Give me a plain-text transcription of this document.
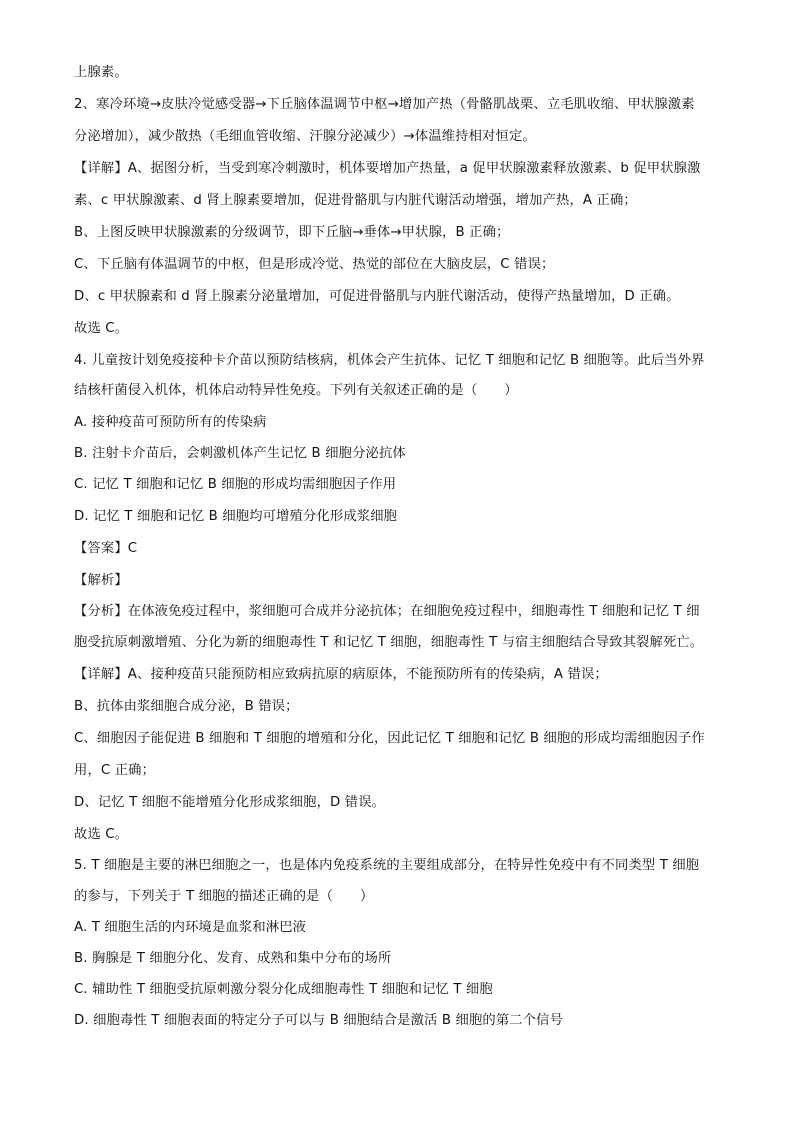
上腺素。
2、寒冷环境→皮肤冷觉感受器→下丘脑体温调节中枢→增加产热（骨骼肌战栗、立毛肌收缩、甲状腺激素
分泌增加），减少散热（毛细血管收缩、汗腺分泌减少）→体温维持相对恒定。
【详解】A、据图分析，当受到寒冷刺激时，机体要增加产热量，a 促甲状腺激素释放激素、b 促甲状腺激
素、c 甲状腺激素、d 肾上腺素要增加，促进骨骼肌与内脏代谢活动增强，增加产热，A 正确；
B、上图反映甲状腺激素的分级调节，即下丘脑→垂体→甲状腺，B 正确；
C、下丘脑有体温调节的中枢，但是形成冷觉、热觉的部位在大脑皮层，C 错误；
D、c 甲状腺素和 d 肾上腺素分泌量增加，可促进骨骼肌与内脏代谢活动，使得产热量增加，D 正确。
故选 C。
4. 儿童按计划免疫接种卡介苗以预防结核病，机体会产生抗体、记忆 T 细胞和记忆 B 细胞等。此后当外界
结核杆菌侵入机体，机体启动特异性免疫。下列有关叙述正确的是（　　）
A. 接种疫苗可预防所有的传染病
B. 注射卡介苗后，会刺激机体产生记忆 B 细胞分泌抗体
C. 记忆 T 细胞和记忆 B 细胞的形成均需细胞因子作用
D. 记忆 T 细胞和记忆 B 细胞均可增殖分化形成浆细胞
【答案】C
【解析】
【分析】在体液免疫过程中，浆细胞可合成并分泌抗体；在细胞免疫过程中，细胞毒性 T 细胞和记忆 T 细
胞受抗原刺激增殖、分化为新的细胞毒性 T 和记忆 T 细胞，细胞毒性 T 与宿主细胞结合导致其裂解死亡。
【详解】A、接种疫苗只能预防相应致病抗原的病原体，不能预防所有的传染病，A 错误；
B、抗体由浆细胞合成分泌，B 错误；
C、细胞因子能促进 B 细胞和 T 细胞的增殖和分化，因此记忆 T 细胞和记忆 B 细胞的形成均需细胞因子作
用，C 正确；
D、记忆 T 细胞不能增殖分化形成浆细胞，D 错误。
故选 C。
5. T 细胞是主要的淋巴细胞之一，也是体内免疫系统的主要组成部分，在特异性免疫中有不同类型 T 细胞
的参与，下列关于 T 细胞的描述正确的是（　　）
A. T 细胞生活的内环境是血浆和淋巴液
B. 胸腺是 T 细胞分化、发育、成熟和集中分布的场所
C. 辅助性 T 细胞受抗原刺激分裂分化成细胞毒性 T 细胞和记忆 T 细胞
D. 细胞毒性 T 细胞表面的特定分子可以与 B 细胞结合是激活 B 细胞的第二个信号
